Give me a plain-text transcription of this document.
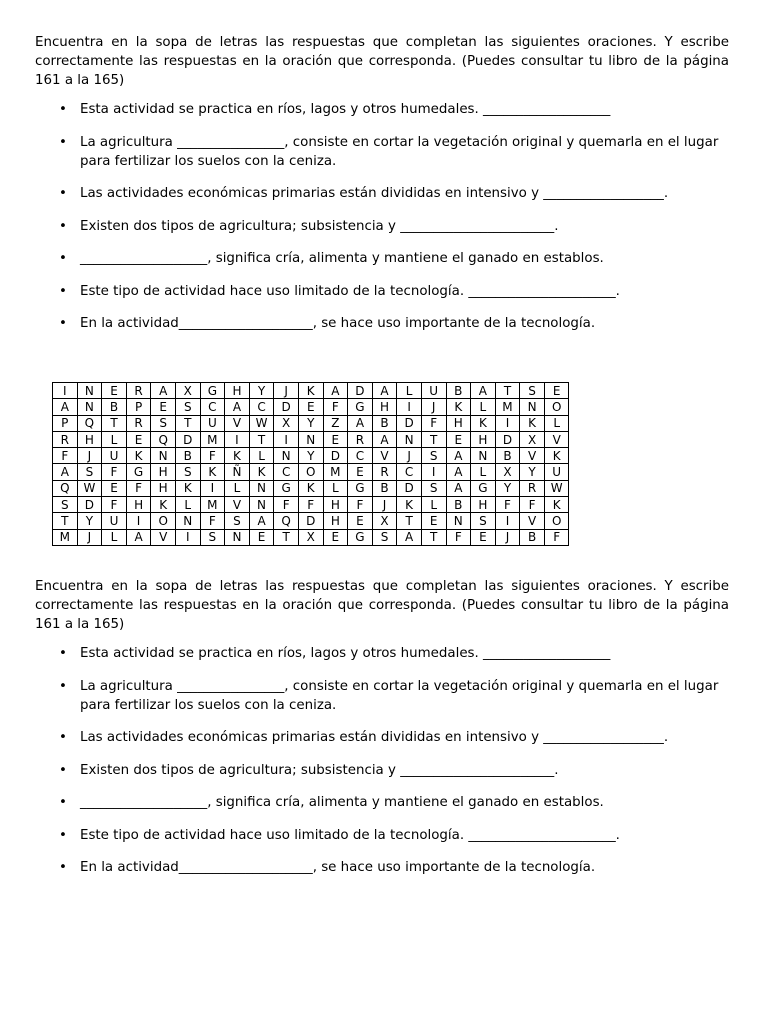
Encuentra en la sopa de letras las respuestas que completan las siguientes oraciones. Y escribe correctamente las respuestas en la oración que corresponda. (Puedes consultar tu libro de la página 161 a la 165)

• Esta actividad se practica en ríos, lagos y otros humedales. ___________________
• La agricultura ________________, consiste en cortar la vegetación original y quemarla en el lugar para fertilizar los suelos con la ceniza.
• Las actividades económicas primarias están divididas en intensivo y __________________.
• Existen dos tipos de agricultura; subsistencia y _______________________.
• ___________________, significa cría, alimenta y mantiene el ganado en establos.
• Este tipo de actividad hace uso limitado de la tecnología. ______________________.
• En la actividad____________________, se hace uso importante de la tecnología.
I	N	E	R	A	X	G	H	Y	J	K	A	D	A	L	U	B	A	T	S	E
A	N	B	P	E	S	C	A	C	D	E	F	G	H	I	J	K	L	M	N	O
P	Q	T	R	S	T	U	V	W	X	Y	Z	A	B	D	F	H	K	I	K	L
R	H	L	E	Q	D	M	I	T	I	N	E	R	A	N	T	E	H	D	X	V
F	J	U	K	N	B	F	K	L	N	Y	D	C	V	J	S	A	N	B	V	K
A	S	F	G	H	S	K	Ñ	K	C	O	M	E	R	C	I	A	L	X	Y	U
Q	W	E	F	H	K	I	L	N	G	K	L	G	B	D	S	A	G	Y	R	W
S	D	F	H	K	L	M	V	N	F	F	H	F	J	K	L	B	H	F	F	K
T	Y	U	I	O	N	F	S	A	Q	D	H	E	X	T	E	N	S	I	V	O
M	J	L	A	V	I	S	N	E	T	X	E	G	S	A	T	F	E	J	B	F

Encuentra en la sopa de letras las respuestas que completan las siguientes oraciones. Y escribe correctamente las respuestas en la oración que corresponda. (Puedes consultar tu libro de la página 161 a la 165)

• Esta actividad se practica en ríos, lagos y otros humedales. ___________________
• La agricultura ________________, consiste en cortar la vegetación original y quemarla en el lugar para fertilizar los suelos con la ceniza.
• Las actividades económicas primarias están divididas en intensivo y __________________.
• Existen dos tipos de agricultura; subsistencia y _______________________.
• ___________________, significa cría, alimenta y mantiene el ganado en establos.
• Este tipo de actividad hace uso limitado de la tecnología. ______________________.
• En la actividad____________________, se hace uso importante de la tecnología.
